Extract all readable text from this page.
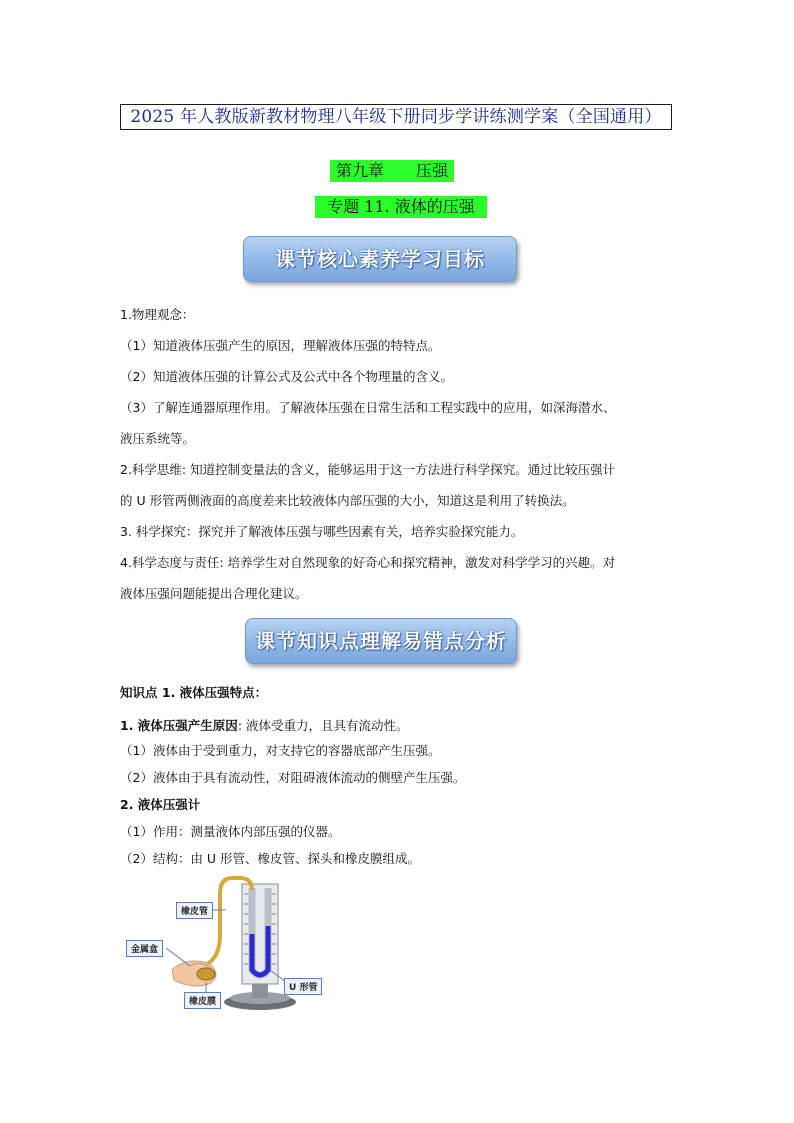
2025 年人教版新教材物理八年级下册同步学讲练测学案（全国通用）
第九章　　压强
专题 11. 液体的压强
课节核心素养学习目标
1.物理观念：
（1）知道液体压强产生的原因，理解液体压强的特特点。
（2）知道液体压强的计算公式及公式中各个物理量的含义。
（3）了解连通器原理作用。了解液体压强在日常生活和工程实践中的应用，如深海潜水、
液压系统等。
2.科学思维: 知道控制变量法的含义，能够运用于这一方法进行科学探究。通过比较压强计
的 U 形管两侧液面的高度差来比较液体内部压强的大小，知道这是利用了转换法。
3. 科学探究：探究并了解液体压强与哪些因素有关，培养实验探究能力。
4.科学态度与责任: 培养学生对自然现象的好奇心和探究精神，激发对科学学习的兴趣。对
液体压强问题能提出合理化建议。
课节知识点理解易错点分析
知识点 1. 液体压强特点：
1. 液体压强产生原因: 液体受重力，且具有流动性。
（1）液体由于受到重力，对支持它的容器底部产生压强。
（2）液体由于具有流动性，对阻碍液体流动的侧壁产生压强。
2. 液体压强计
（1）作用：测量液体内部压强的仪器。
（2）结构：由 U 形管、橡皮管、探头和橡皮膜组成。
橡皮管
金属盒
橡皮膜
U 形管
